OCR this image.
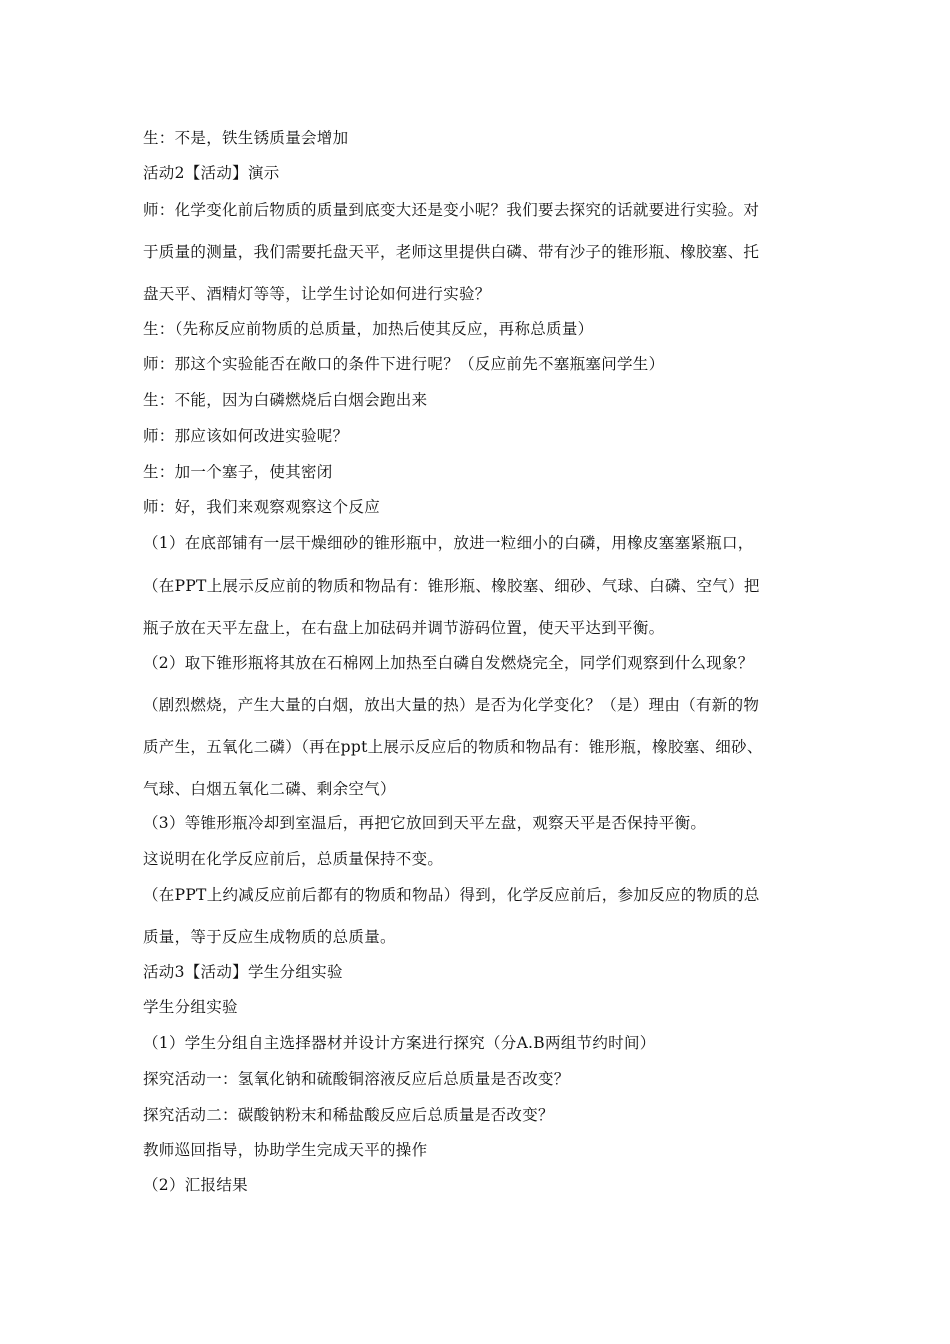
生：不是，铁生锈质量会增加
活动2【活动】演示
师：化学变化前后物质的质量到底变大还是变小呢？我们要去探究的话就要进行实验。对
于质量的测量，我们需要托盘天平，老师这里提供白磷、带有沙子的锥形瓶、橡胶塞、托
盘天平、酒精灯等等，让学生讨论如何进行实验？
生：（先称反应前物质的总质量，加热后使其反应，再称总质量）
师：那这个实验能否在敞口的条件下进行呢？（反应前先不塞瓶塞问学生）
生：不能，因为白磷燃烧后白烟会跑出来
师：那应该如何改进实验呢？
生：加一个塞子，使其密闭
师：好，我们来观察观察这个反应
（1）在底部铺有一层干燥细砂的锥形瓶中，放进一粒细小的白磷，用橡皮塞塞紧瓶口，
（在PPT上展示反应前的物质和物品有：锥形瓶、橡胶塞、细砂、气球、白磷、空气）把
瓶子放在天平左盘上，在右盘上加砝码并调节游码位置，使天平达到平衡。
（2）取下锥形瓶将其放在石棉网上加热至白磷自发燃烧完全，同学们观察到什么现象？
（剧烈燃烧，产生大量的白烟，放出大量的热）是否为化学变化？（是）理由（有新的物
质产生，五氧化二磷）（再在ppt上展示反应后的物质和物品有：锥形瓶，橡胶塞、细砂、
气球、白烟五氧化二磷、剩余空气）
（3）等锥形瓶冷却到室温后，再把它放回到天平左盘，观察天平是否保持平衡。
这说明在化学反应前后，总质量保持不变。
（在PPT上约减反应前后都有的物质和物品）得到，化学反应前后，参加反应的物质的总
质量，等于反应生成物质的总质量。
活动3【活动】学生分组实验
学生分组实验
（1）学生分组自主选择器材并设计方案进行探究（分A.B两组节约时间）
探究活动一：氢氧化钠和硫酸铜溶液反应后总质量是否改变？
探究活动二：碳酸钠粉末和稀盐酸反应后总质量是否改变？
教师巡回指导，协助学生完成天平的操作
（2）汇报结果
